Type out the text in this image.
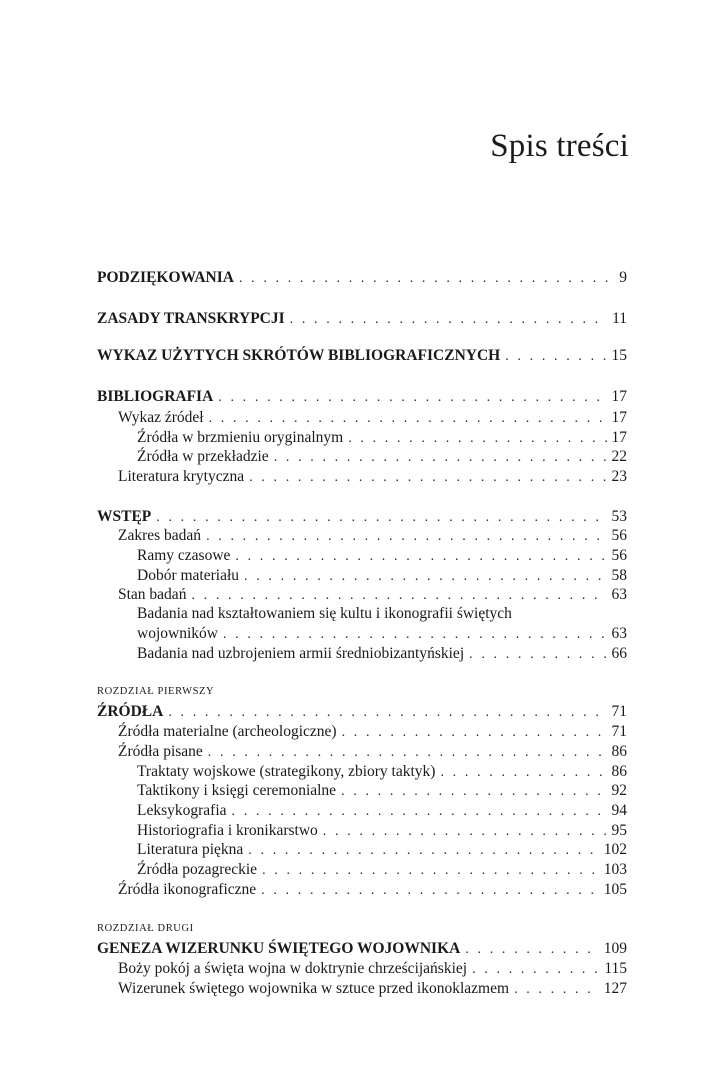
Spis treści
PODZIĘKOWANIA . . .	9
ZASADY TRANSKRYPCJI . . .	11
WYKAZ UŻYTYCH SKRÓTÓW BIBLIOGRAFICZNYCH . . .	15
BIBLIOGRAFIA . . .	17
Wykaz źródeł . . .	17
Źródła w brzmieniu oryginalnym . . .	17
Źródła w przekładzie . . .	22
Literatura krytyczna . . .	23
WSTĘP . . .	53
Zakres badań . . .	56
Ramy czasowe . . .	56
Dobór materiału . . .	58
Stan badań . . .	63
Badania nad kształtowaniem się kultu i ikonografii świętych
wojowników . . .	63
Badania nad uzbrojeniem armii średniobizantyńskiej . . .	66
ROZDZIAŁ PIERWSZY
ŹRÓDŁA . . .	71
Źródła materialne (archeologiczne) . . .	71
Źródła pisane . . .	86
Traktaty wojskowe (strategikony, zbiory taktyk) . . .	86
Taktikony i księgi ceremonialne . . .	92
Leksykografia . . .	94
Historiografia i kronikarstwo . . .	95
Literatura piękna . . .	102
Źródła pozagreckie . . .	103
Źródła ikonograficzne . . .	105
ROZDZIAŁ DRUGI
GENEZA WIZERUNKU ŚWIĘTEGO WOJOWNIKA . . .	109
Boży pokój a święta wojna w doktrynie chrześcijańskiej . . .	115
Wizerunek świętego wojownika w sztuce przed ikonoklazmem . . .	127
